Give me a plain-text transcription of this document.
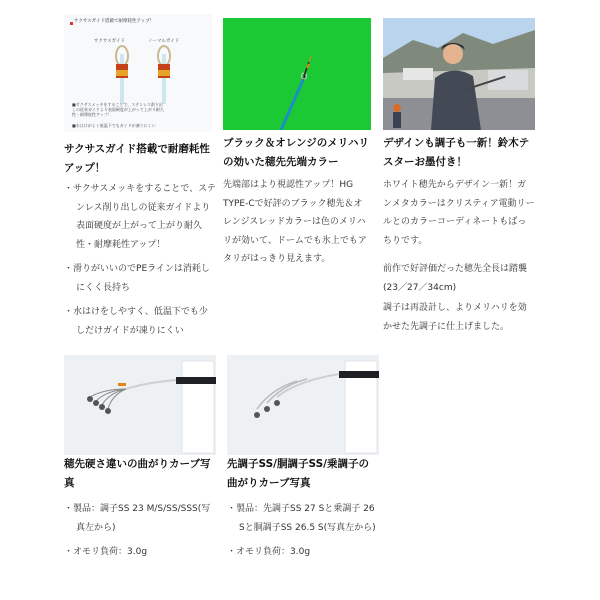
サクサスガイド搭載で耐摩耗性アップ！
サクサスガイド	ノーマルガイド
■サクサスメッキをすることで、ステンレス削り出しの従来ガイドより表面硬度が上がって上がり耐久性・耐摩耗性アップ！
■水はけがよく低温下でもガイドが凍りにくい
サクサスガイド搭載で耐磨耗性アップ！
・ サクサスメッキをすることで、ステンレス削り出しの従来ガイドより表面硬度が上がって上がり耐久性・耐摩耗性アップ！
・ 滑りがいいのでPEラインは消耗しにくく長持ち
・ 水はけをしやすく、低温下でも少しだけガイドが凍りにくい
ブラック＆オレンジのメリハリの効いた穂先先端カラー

先端部はより視認性アップ！HG TYPE-Cで好評のブラック穂先＆オレンジスレッドカラーは色のメリハリが効いて、ドームでも氷上でもアタリがはっきり見えます。

デザインも調子も一新！鈴木テスターお墨付き！

ホワイト穂先からデザイン一新！ガンメタカラーはクリスティア電動リールとのカラーコーディネートもばっちりです。

前作で好評価だった穂先全長は踏襲(23／27／34cm)

調子は再設計し、よりメリハリを効かせた先調子に仕上げました。

穂先硬さ違いの曲がりカーブ写真
・ 製品：調子SS 23 M/S/SS/SSS(写真左から)
・ オモリ負荷：3.0g
先調子SS/胴調子SS/乗調子の曲がりカーブ写真
・ 製品：先調子SS 27 Sと乗調子 26 Sと胴調子SS 26.5 S(写真左から)
・ オモリ負荷：3.0g
